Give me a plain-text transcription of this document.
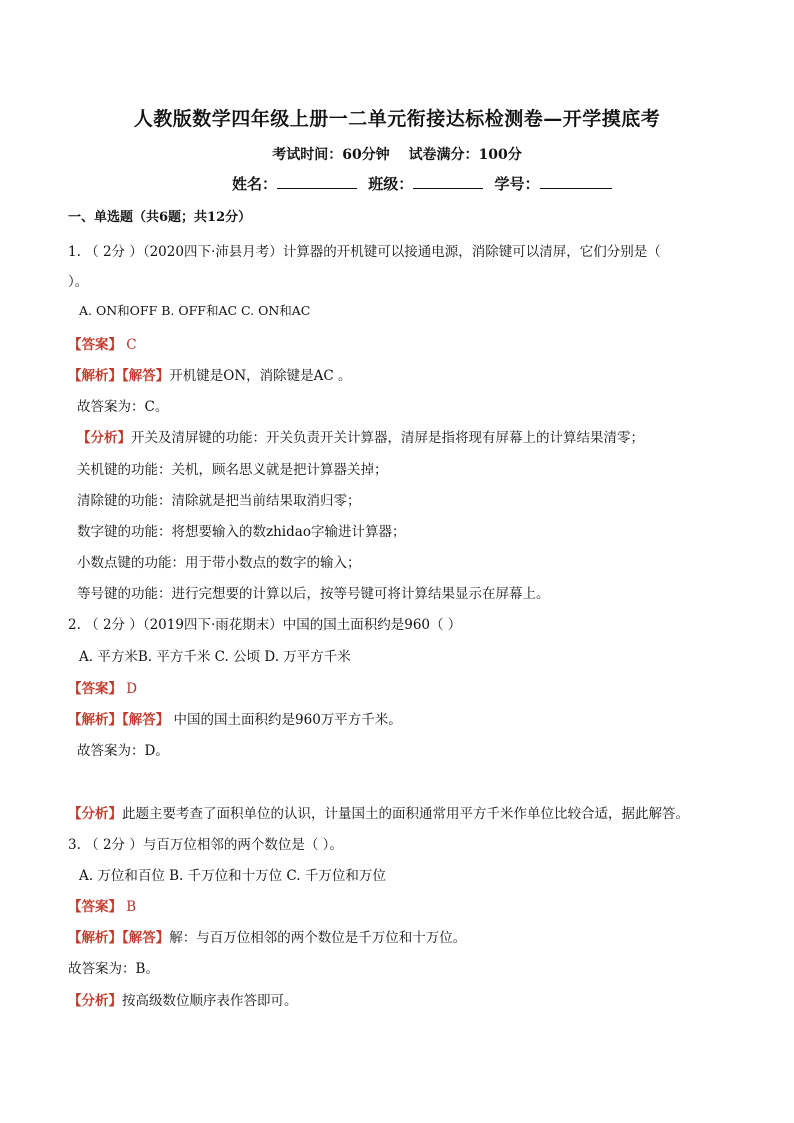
人教版数学四年级上册一二单元衔接达标检测卷—开学摸底考
考试时间：60分钟 试卷满分：100分
姓名：	班级：	学号：
一、单选题（共6题；共12分）
1. （ 2分 ）（2020四下·沛县月考）计算器的开机键可以接通电源，消除键可以清屏，它们分别是（
）。
A. ON和OFF B. OFF和AC C. ON和AC
【答案】 C
【解析】【解答】开机键是ON，消除键是AC 。
故答案为：C。
【分析】开关及清屏键的功能：开关负责开关计算器，清屏是指将现有屏幕上的计算结果清零；
关机键的功能：关机，顾名思义就是把计算器关掉；
清除键的功能：清除就是把当前结果取消归零；
数字键的功能：将想要输入的数zhidao字输进计算器；
小数点键的功能：用于带小数点的数字的输入；
等号键的功能：进行完想要的计算以后，按等号键可将计算结果显示在屏幕上。
2. （ 2分 ）（2019四下·雨花期末）中国的国土面积约是960（ ）
A. 平方米B. 平方千米 C. 公顷 D. 万平方千米
【答案】 D
【解析】【解答】 中国的国土面积约是960万平方千米。
故答案为：D。
【分析】此题主要考查了面积单位的认识，计量国土的面积通常用平方千米作单位比较合适，据此解答。
3. （ 2分 ）与百万位相邻的两个数位是（ ）。
A. 万位和百位 B. 千万位和十万位 C. 千万位和万位
【答案】 B
【解析】【解答】解：与百万位相邻的两个数位是千万位和十万位。
故答案为：B。
【分析】按高级数位顺序表作答即可。
